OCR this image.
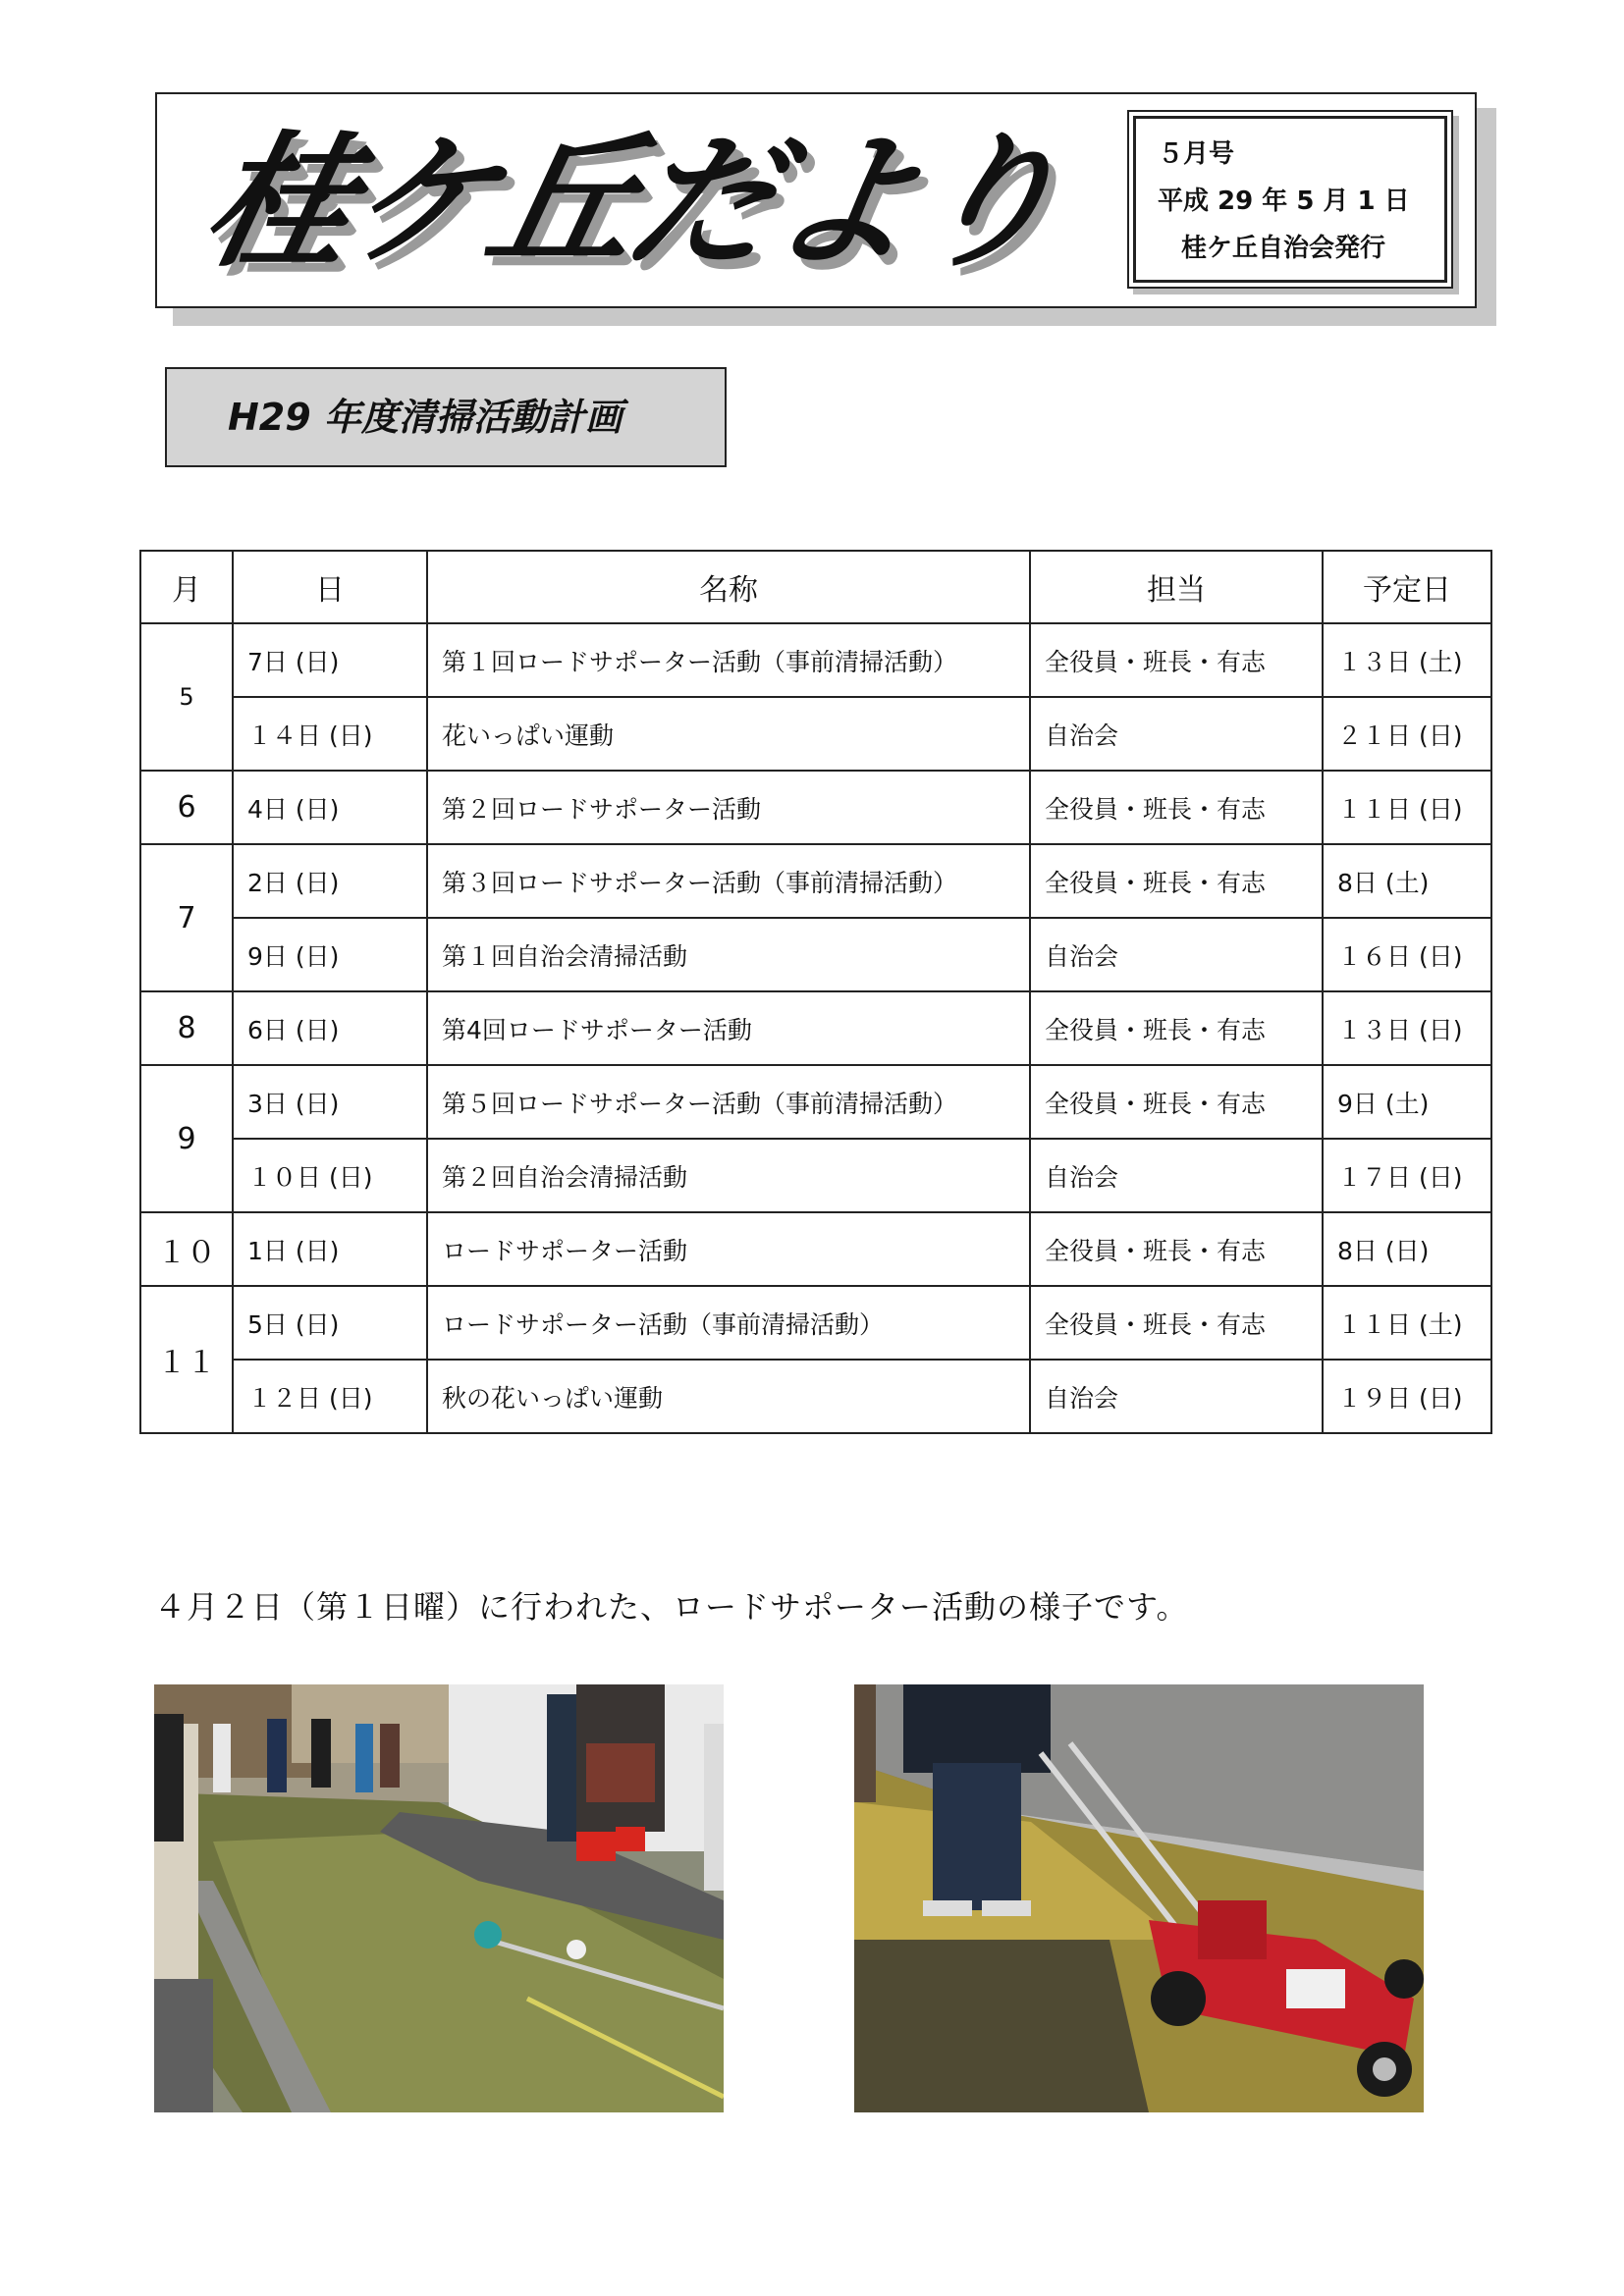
桂ケ丘だより	５月号
平成 29 年 5 月 1 日
桂ケ丘自治会発行
H29 年度清掃活動計画
月	日	名称	担当	予定日
5	7日 (日)	第１回ロードサポーター活動（事前清掃活動）	全役員・班長・有志	１３日 (土)
	１４日 (日)	花いっぱい運動	自治会	２１日 (日)
6	4日 (日)	第２回ロードサポーター活動	全役員・班長・有志	１１日 (日)
7	2日 (日)	第３回ロードサポーター活動（事前清掃活動）	全役員・班長・有志	8日 (土)
	9日 (日)	第１回自治会清掃活動	自治会	１６日 (日)
8	6日 (日)	第4回ロードサポーター活動	全役員・班長・有志	１３日 (日)
9	3日 (日)	第５回ロードサポーター活動（事前清掃活動）	全役員・班長・有志	9日 (土)
	１０日 (日)	第２回自治会清掃活動	自治会	１７日 (日)
１０	1日 (日)	ロードサポーター活動	全役員・班長・有志	8日 (日)
１１	5日 (日)	ロードサポーター活動（事前清掃活動）	全役員・班長・有志	１１日 (土)
	１２日 (日)	秋の花いっぱい運動	自治会	１９日 (日)
４月２日（第１日曜）に行われた、ロードサポーター活動の様子です。
